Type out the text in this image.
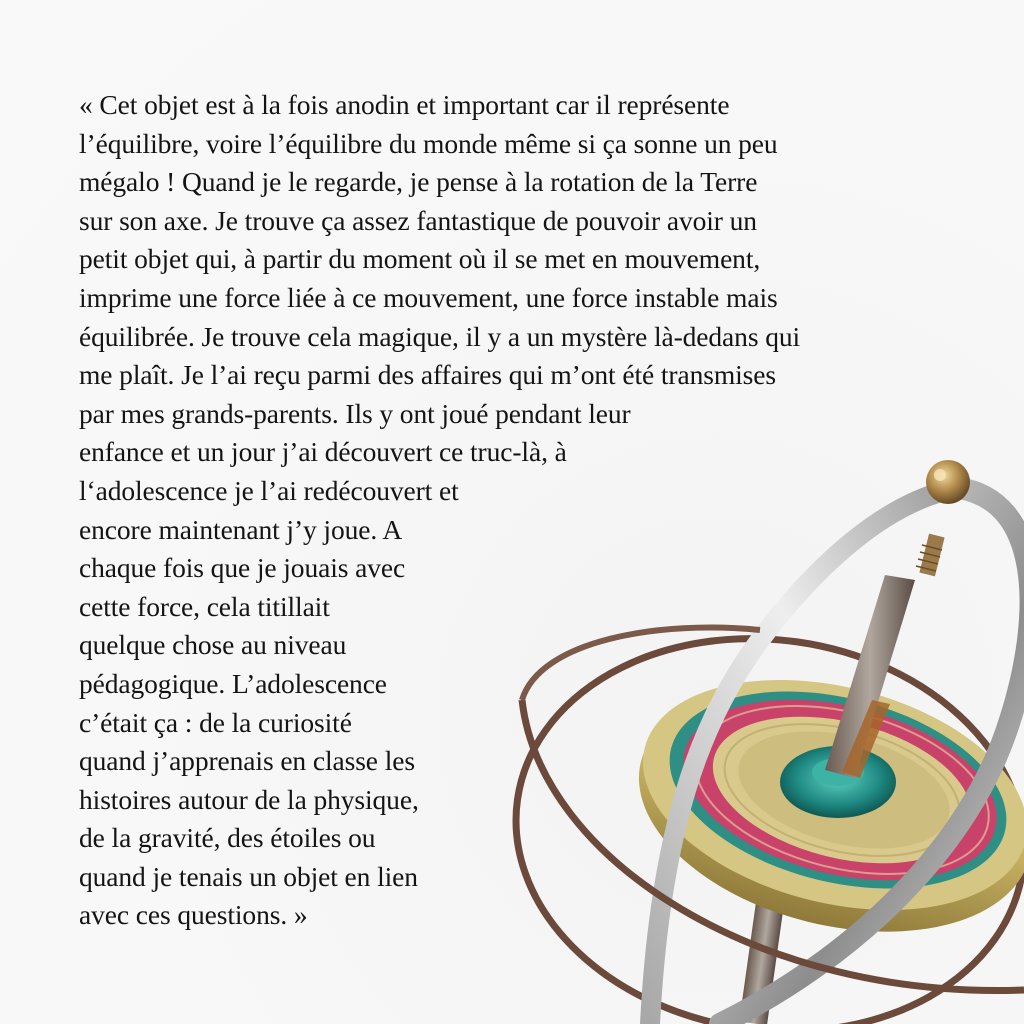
« Cet objet est à la fois anodin et important car il représente
l’équilibre, voire l’équilibre du monde même si ça sonne un peu
mégalo ! Quand je le regarde, je pense à la rotation de la Terre
sur son axe. Je trouve ça assez fantastique de pouvoir avoir un
petit objet qui, à partir du moment où il se met en mouvement,
imprime une force liée à ce mouvement, une force instable mais
équilibrée. Je trouve cela magique, il y a un mystère là-dedans qui
me plaît. Je l’ai reçu parmi des affaires qui m’ont été transmises
par mes grands-parents. Ils y ont joué pendant leur
enfance et un jour j’ai découvert ce truc-là, à
l‘adolescence je l’ai redécouvert et
encore maintenant j’y joue. A
chaque fois que je jouais avec
cette force, cela titillait
quelque chose au niveau
pédagogique. L’adolescence
c’était ça : de la curiosité
quand j’apprenais en classe les
histoires autour de la physique,
de la gravité, des étoiles ou
quand je tenais un objet en lien
avec ces questions. »
